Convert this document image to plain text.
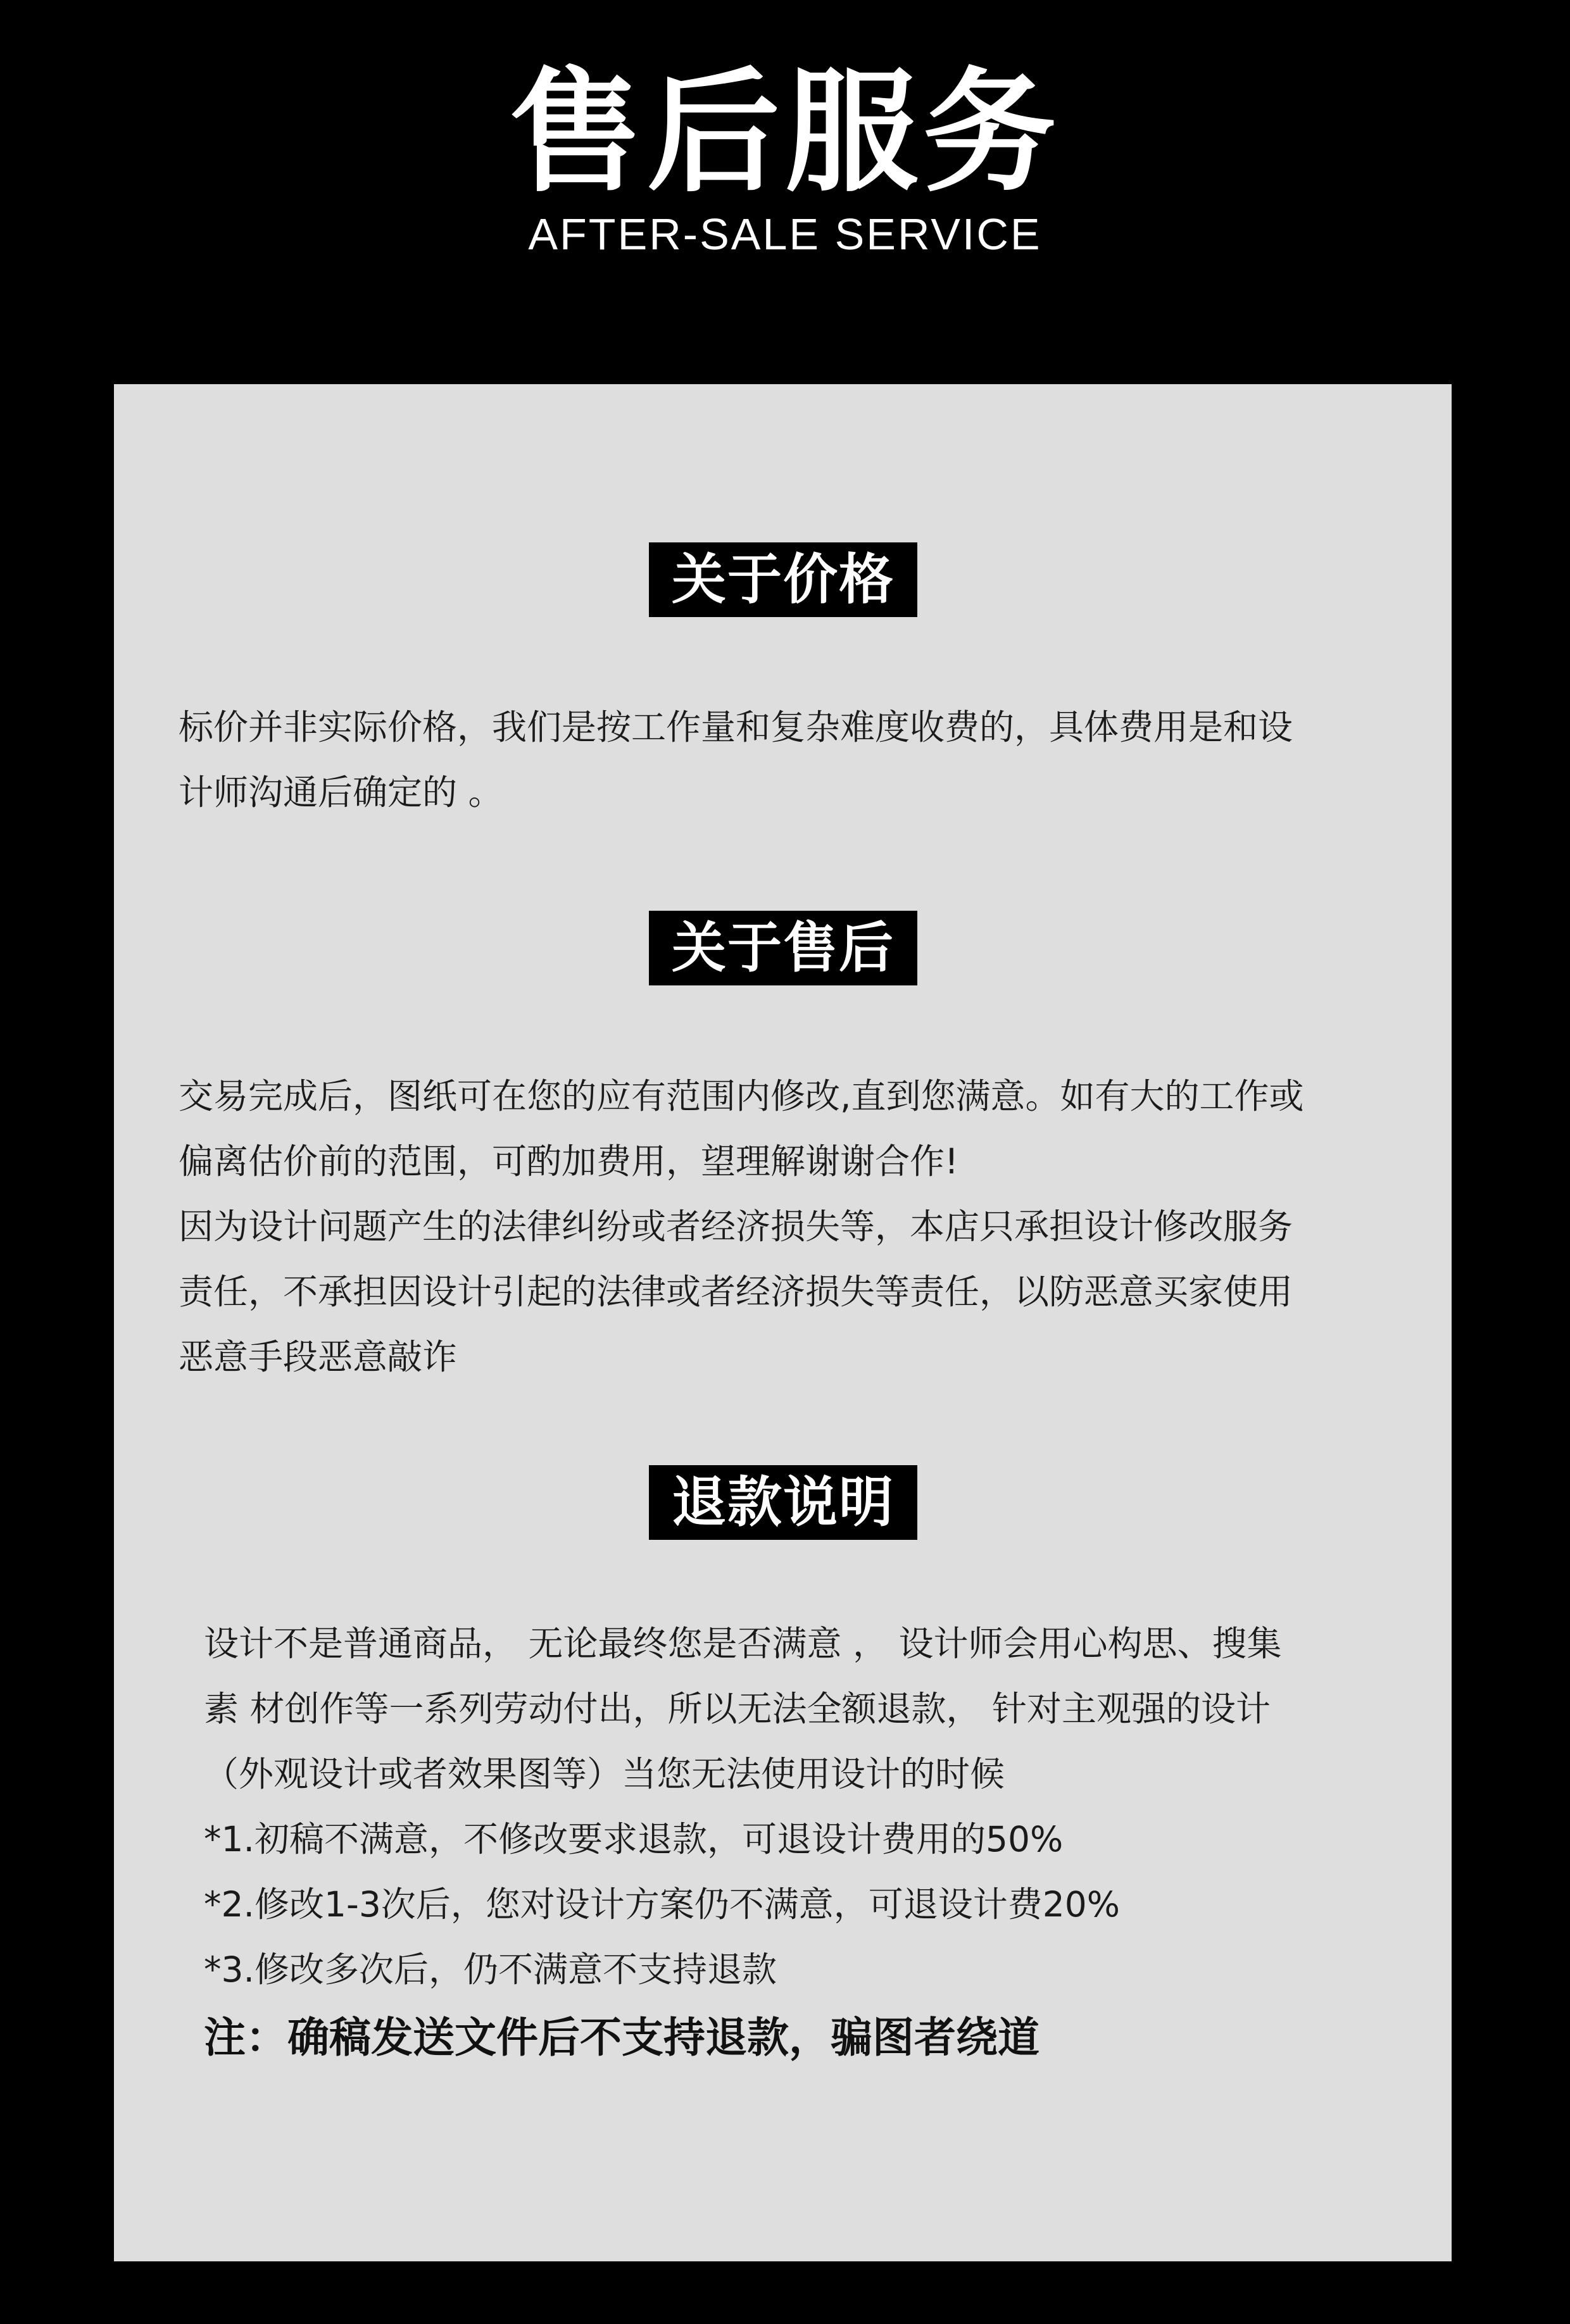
售后服务
AFTER-SALE SERVICE
关于价格
标价并非实际价格，我们是按工作量和复杂难度收费的，具体费用是和设
计师沟通后确定的 。
关于售后
交易完成后，图纸可在您的应有范围内修改,直到您满意。如有大的工作或
偏离估价前的范围，可酌加费用，望理解谢谢合作!
因为设计问题产生的法律纠纷或者经济损失等，本店只承担设计修改服务
责任，不承担因设计引起的法律或者经济损失等责任，以防恶意买家使用
恶意手段恶意敲诈
退款说明
设计不是普通商品， 无论最终您是否满意 ， 设计师会用心构思、搜集
素 材创作等一系列劳动付出，所以无法全额退款， 针对主观强的设计
（外观设计或者效果图等）当您无法使用设计的时候
*1.初稿不满意，不修改要求退款，可退设计费用的50%
*2.修改1-3次后，您对设计方案仍不满意，可退设计费20%
*3.修改多次后，仍不满意不支持退款
注：确稿发送文件后不支持退款，骗图者绕道
